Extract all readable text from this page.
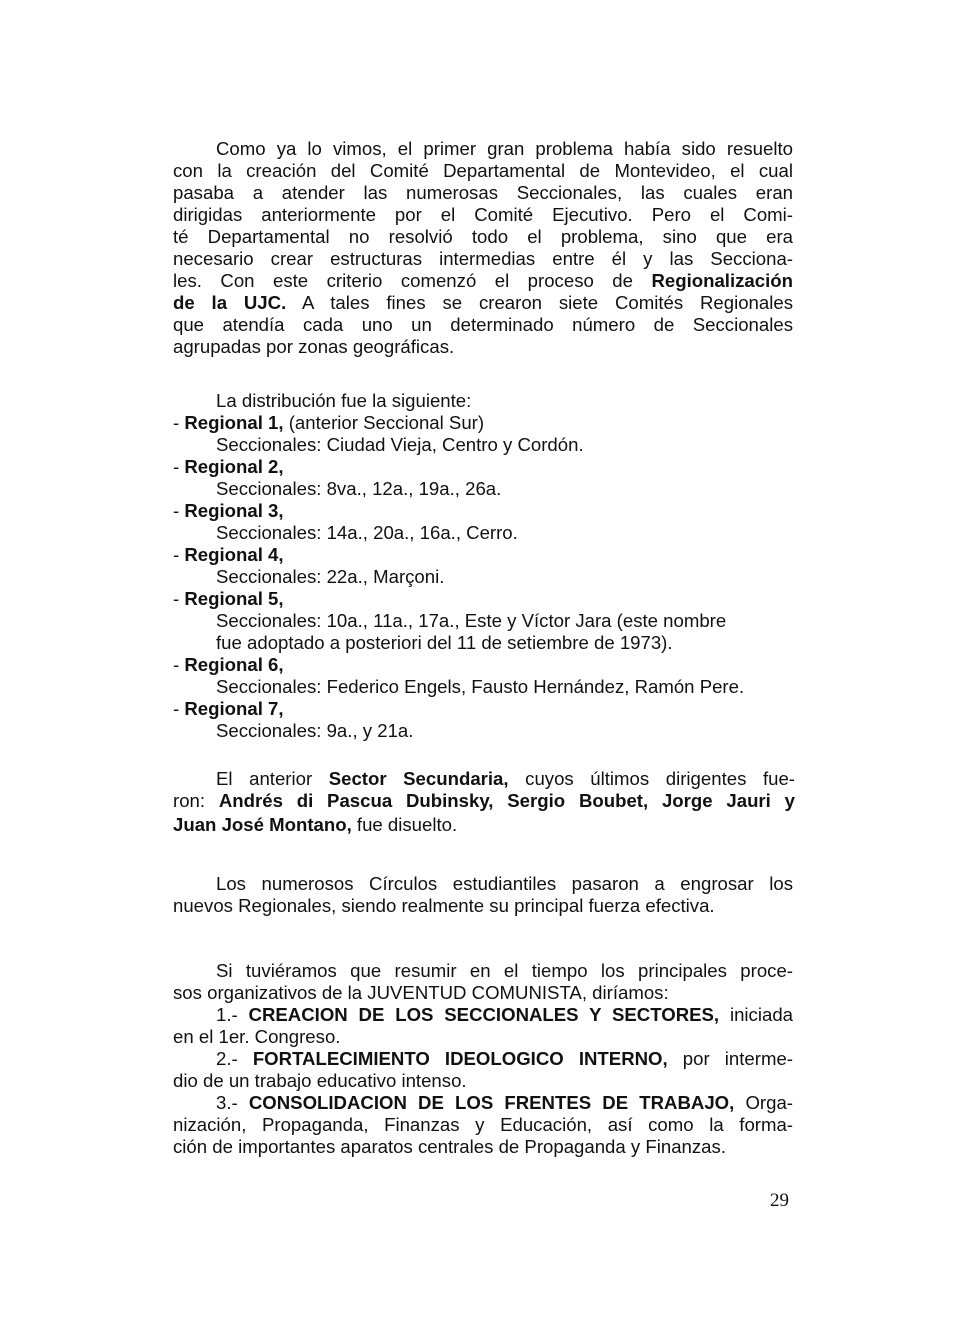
Como ya lo vimos, el primer gran problema había sido resuelto
con la creación del Comité Departamental de Montevideo, el cual
pasaba a atender las numerosas Seccionales, las cuales eran
dirigidas anteriormente por el Comité Ejecutivo. Pero el Comi-
té Departamental no resolvió todo el problema, sino que era
necesario crear estructuras intermedias entre él y las Secciona-
les. Con este criterio comenzó el proceso de Regionalización
de la UJC. A tales fines se crearon siete Comités Regionales
que atendía cada uno un determinado número de Seccionales
agrupadas por zonas geográficas.
La distribución fue la siguiente:
- Regional 1, (anterior Seccional Sur)
Seccionales: Ciudad Vieja, Centro y Cordón.
- Regional 2,
Seccionales: 8va., 12a., 19a., 26a.
- Regional 3,
Seccionales: 14a., 20a., 16a., Cerro.
- Regional 4,
Seccionales: 22a., Marçoni.
- Regional 5,
Seccionales: 10a., 11a., 17a., Este y Víctor Jara (este nombre
fue adoptado a posteriori del 11 de setiembre de 1973).
- Regional 6,
Seccionales: Federico Engels, Fausto Hernández, Ramón Pere.
- Regional 7,
Seccionales: 9a., y 21a.
El anterior Sector Secundaria, cuyos últimos dirigentes fue-
ron: Andrés di Pascua Dubinsky, Sergio Boubet, Jorge Jauri y
Juan José Montano, fue disuelto.
Los numerosos Círculos estudiantiles pasaron a engrosar los
nuevos Regionales, siendo realmente su principal fuerza efectiva.
Si tuviéramos que resumir en el tiempo los principales proce-
sos organizativos de la JUVENTUD COMUNISTA, diríamos:
1.- CREACION DE LOS SECCIONALES Y SECTORES, iniciada
en el 1er. Congreso.
2.- FORTALECIMIENTO IDEOLOGICO INTERNO, por interme-
dio de un trabajo educativo intenso.
3.- CONSOLIDACION DE LOS FRENTES DE TRABAJO, Orga-
nización, Propaganda, Finanzas y Educación, así como la forma-
ción de importantes aparatos centrales de Propaganda y Finanzas.
29
